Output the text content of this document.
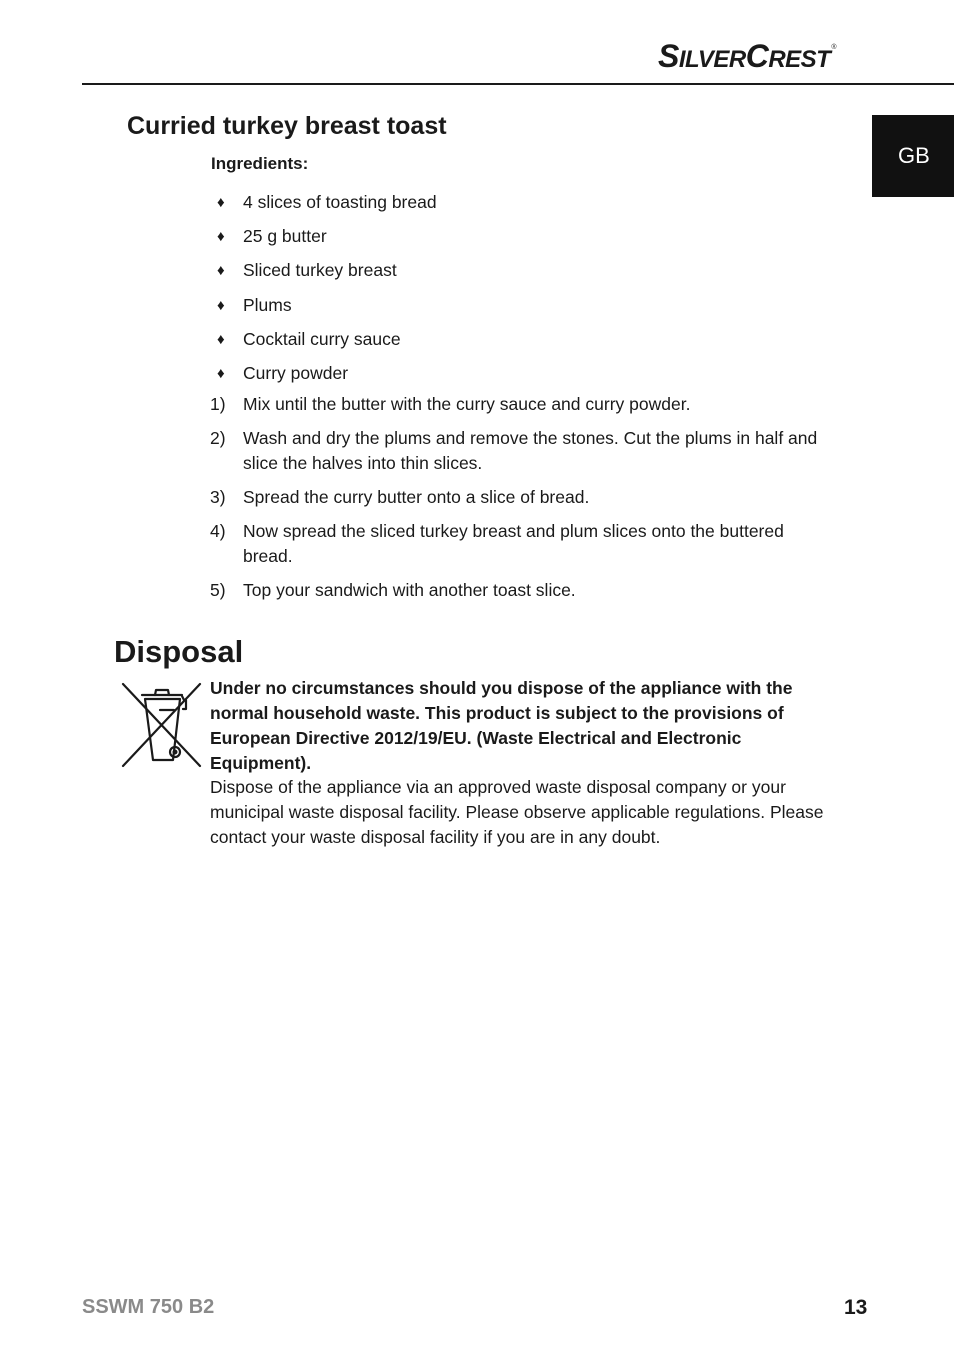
SILVERCREST®
GB
Curried turkey breast toast
Ingredients:
♦ 4 slices of toasting bread
♦ 25 g butter
♦ Sliced turkey breast
♦ Plums
♦ Cocktail curry sauce
♦ Curry powder
1) Mix until the butter with the curry sauce and curry powder.
2) Wash and dry the plums and remove the stones. Cut the plums in half and slice the halves into thin slices.
3) Spread the curry butter onto a slice of bread.
4) Now spread the sliced turkey breast and plum slices onto the buttered bread.
5) Top your sandwich with another toast slice.
Disposal
Under no circumstances should you dispose of the appliance with the normal household waste. This product is subject to the provisions of European Directive 2012/19/EU. (Waste Electrical and Electronic Equipment).
Dispose of the appliance via an approved waste disposal company or your municipal waste disposal facility. Please observe applicable regulations. Please contact your waste disposal facility if you are in any doubt.
SSWM 750 B2	13
